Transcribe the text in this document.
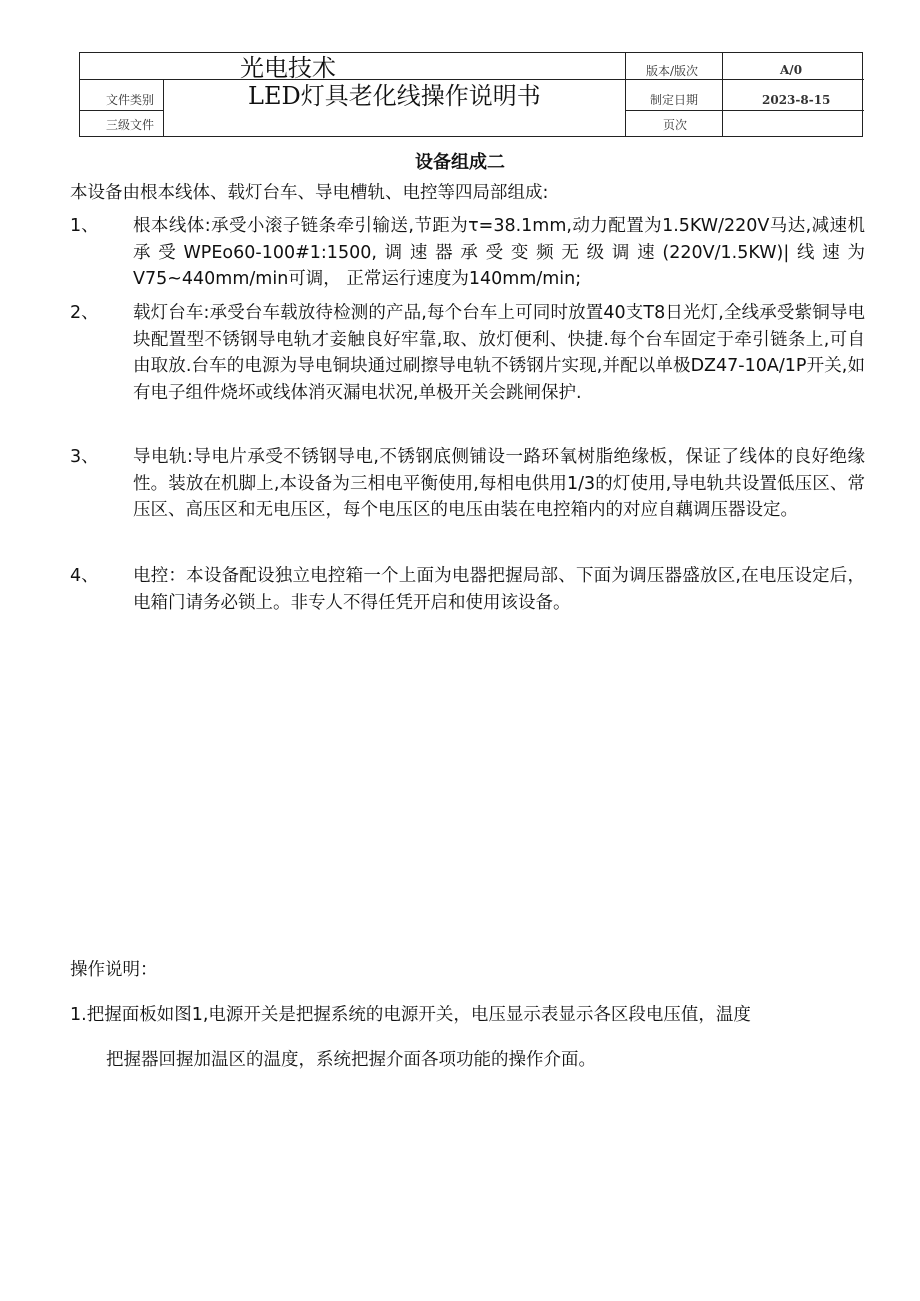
光电技术
LED灯具老化线操作说明书
文件类别
三级文件
版本/版次	A/0
制定日期	2023-8-15
页次
设备组成二
本设备由根本线体、载灯台车、导电槽轨、电控等四局部组成:
1、 根本线体:承受小滚子链条牵引输送,节距为τ=38.1mm,动力配置为1.5KW/220V马达,减速机承受WPEo60-100#1:1500,调速器承受变频无级调速(220V/1.5KW)|线速为V75~440mm/min可调， 正常运行速度为140mm/min;
2、 载灯台车:承受台车载放待检测的产品,每个台车上可同时放置40支T8日光灯,全线承受紫铜导电块配置型不锈钢导电轨才妾触良好牢靠,取、放灯便利、快捷.每个台车固定于牵引链条上,可自由取放.台车的电源为导电铜块通过刷擦导电轨不锈钢片实现,并配以单极DZ47-10A/1P开关,如有电子组件烧坏或线体消灭漏电状况,单极开关会跳闸保护.
3、 导电轨:导电片承受不锈钢导电,不锈钢底侧铺设一路环氧树脂绝缘板，保证了线体的良好绝缘性。装放在机脚上,本设备为三相电平衡使用,每相电供用1/3的灯使用,导电轨共设置低压区、常压区、高压区和无电压区，每个电压区的电压由装在电控箱内的对应自藕调压器设定。
4、 电控：本设备配设独立电控箱一个上面为电器把握局部、下面为调压器盛放区,在电压设定后，电箱门请务必锁上。非专人不得任凭开启和使用该设备。
操作说明：
1.把握面板如图1,电源开关是把握系统的电源开关，电压显示表显示各区段电压值，温度
把握器回握加温区的温度，系统把握介面各项功能的操作介面。
